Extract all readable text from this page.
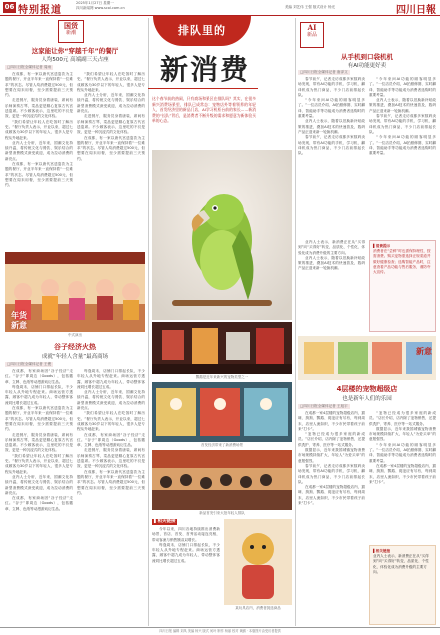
06 特别报道
2025年1月27日 星期一
四川新闻网 www.scol.com.cn	美编 刘艺伟 王强 版式设计 杨光	四川日報
国货
新潮
这家能让你“穿越千年”的餐厅
人均500元 高端副三天占座
□四川日报全媒体记者 周雨

在成都，有一家以唐代宫廷宴饮为主题的餐厅，开业半年来一直保持着“一位难求”的状态。尽管人均消费超过500元，但想要在周末用餐，至少需要提前三天预约。

走进餐厅，服务员身着唐装，席间有乐师演奏古琴，菜品更是精心复原古代宫廷宴席。不少顾客表示，这里吃的不仅是饭，更是一种沉浸式的文化体验。

“我们希望让年轻人在吃饭时了解历史。”餐厅负责人表示，开业以来，超过七成顾客为30岁以下的年轻人，很多人是专程从外地赶来。

业内人士分析，近年来，国潮文化持续升温，将传统文化与餐饮、娱乐结合的新型消费模式深受欢迎，成为拉动消费的新亮点。

在成都，有一家以唐代宫廷宴饮为主题的餐厅，开业半年来一直保持着“一位难求”的状态。尽管人均消费超过500元，但想要在周末用餐，至少需要提前三天预约。

“我们希望让年轻人在吃饭时了解历史。”餐厅负责人表示，开业以来，超过七成顾客为30岁以下的年轻人，很多人是专程从外地赶来。

业内人士分析，近年来，国潮文化持续升温，将传统文化与餐饮、娱乐结合的新型消费模式深受欢迎，成为拉动消费的新亮点。

走进餐厅，服务员身着唐装，席间有乐师演奏古琴，菜品更是精心复原古代宫廷宴席。不少顾客表示，这里吃的不仅是饭，更是一种沉浸式的文化体验。

在成都，有一家以唐代宫廷宴饮为主题的餐厅，开业半年来一直保持着“一位难求”的状态。尽管人均消费超过500元，但想要在周末用餐，至少需要提前三天预约。

年货
新意
中式演出
谷子经济火热
成就“年轻人含量”最高商场
□四川日报全媒体记者 王俊

在成都，有家商场因“谷子经济”走红。“谷子”即周边（Goods），包括徽章、立牌、色纸等动漫游戏衍生品。

每逢周末，店铺门口排起长队，不少年轻人从外地专程赶来。商场运营方透露，顾客中超九成为年轻人，带动整体客流同比增长超过五成。

在成都，有一家以唐代宫廷宴饮为主题的餐厅，开业半年来一直保持着“一位难求”的状态。尽管人均消费超过500元，但想要在周末用餐，至少需要提前三天预约。

走进餐厅，服务员身着唐装，席间有乐师演奏古琴，菜品更是精心复原古代宫廷宴席。不少顾客表示，这里吃的不仅是饭，更是一种沉浸式的文化体验。

“我们希望让年轻人在吃饭时了解历史。”餐厅负责人表示，开业以来，超过七成顾客为30岁以下的年轻人，很多人是专程从外地赶来。

业内人士分析，近年来，国潮文化持续升温，将传统文化与餐饮、娱乐结合的新型消费模式深受欢迎，成为拉动消费的新亮点。

在成都，有家商场因“谷子经济”走红。“谷子”即周边（Goods），包括徽章、立牌、色纸等动漫游戏衍生品。

每逢周末，店铺门口排起长队，不少年轻人从外地专程赶来。商场运营方透露，顾客中超九成为年轻人，带动整体客流同比增长超过五成。

业内人士分析，近年来，国潮文化持续升温，将传统文化与餐饮、娱乐结合的新型消费模式深受欢迎，成为拉动消费的新亮点。

“我们希望让年轻人在吃饭时了解历史。”餐厅负责人表示，开业以来，超过七成顾客为30岁以下的年轻人，很多人是专程从外地赶来。

在成都，有家商场因“谷子经济”走红。“谷子”即周边（Goods），包括徽章、立牌、色纸等动漫游戏衍生品。

走进餐厅，服务员身着唐装，席间有乐师演奏古琴，菜品更是精心复原古代宫廷宴席。不少顾客表示，这里吃的不仅是饭，更是一种沉浸式的文化体验。

在成都，有一家以唐代宫廷宴饮为主题的餐厅，开业半年来一直保持着“一位难求”的状态。尽管人均消费超过500元，但想要在周末用餐，至少需要提前三天预约。

排队里的
新消费
这个春节前的热闹，只有商场和景区在排队吗？其实，在很多新兴消费场景里，排队已成常态：宠物店外等着领养的年轻人，首发经济里的新品门店，AI学习机柜台前的家长……新消费的“长队”背后，是消费者不断升级的需求和愿意为新体验买单的心态。
AI
新品
鹦鹉是近年来新兴的宠物类型之一
首发经济带来了新消费场景
新品首发引来大批年轻人排队
▌相关链接

今年以来，四川各地持续推出消费新场景，首店、首发、首秀活动接连亮相，带动客流与销售额双双增长。

每逢周末，店铺门口排起长队，不少年轻人从外地专程赶来。商场运营方透露，顾客中超九成为年轻人，带动整体客流同比增长超过五成。

某玩具店内，消费者挑选商品
从手机到口袋机机
有AI功能更好卖
□四川日报全媒体记者 唐泽文

春节前夕，记者走访成都多家数码卖场发现，带有AI功能的手机、学习机、翻译机成为热门商品，不少门店前排起长队。

“今年来问AI功能的顾客明显多了。”一位店员介绍，AI拍照修图、实时翻译、智能助手等功能成为消费者选购时的重要考量。

业内人士表示，随着以旧换新补贴政策的推进，叠加AI技术的快速普及，数码产品正迎来新一轮换机潮。

春节前夕，记者走访成都多家数码卖场发现，带有AI功能的手机、学习机、翻译机成为热门商品，不少门店前排起长队。

“今年来问AI功能的顾客明显多了。”一位店员介绍，AI拍照修图、实时翻译、智能助手等功能成为消费者选购时的重要考量。

业内人士表示，随着以旧换新补贴政策的推进，叠加AI技术的快速普及，数码产品正迎来新一轮换机潮。

春节前夕，记者走访成都多家数码卖场发现，带有AI功能的手机、学习机、翻译机成为热门商品，不少门店前排起长队。

“今年来问AI功能的顾客明显多了。”一位店员介绍，AI拍照修图、实时翻译、智能助手等功能成为消费者选购时的重要考量。

▌消费提示
消费者在“尝鲜”时也需保持理性，按需消费。购买宠物需选择正规渠道并做好健康检查；选购智能产品时，注意查看产品功能与售后服务，谨防夸大宣传。

业内人士表示，新消费正在从“买得到”向“买得好”转变，品质化、个性化、体验化成为消费升级的主要方向。

业内人士表示，随着以旧换新补贴政策的推进，叠加AI技术的快速普及，数码产品正迎来新一轮换机潮。

新意
4层楼的宠物超级店
也是新年人们的乐园
□四川日报全媒体记者 王旭宇

在成都一家4层楼的宠物超级店内，猫咪、狗狗、鹦鹉、爬宠应有尽有，每到周末，店里人流如织，不少市民带着孩子前来“打卡”。

“宠物已经成为很多家庭的新成员。”店长介绍，店内除了宠物销售，还提供洗护、寄养、医疗等一站式服务。

数据显示，近年来我国城镇宠物消费市场规模持续扩大，年轻人“为爱买单”的意愿强烈。

春节前夕，记者走访成都多家数码卖场发现，带有AI功能的手机、学习机、翻译机成为热门商品，不少门店前排起长队。

在成都一家4层楼的宠物超级店内，猫咪、狗狗、鹦鹉、爬宠应有尽有，每到周末，店里人流如织，不少市民带着孩子前来“打卡”。

“宠物已经成为很多家庭的新成员。”店长介绍，店内除了宠物销售，还提供洗护、寄养、医疗等一站式服务。

数据显示，近年来我国城镇宠物消费市场规模持续扩大，年轻人“为爱买单”的意愿强烈。

“今年来问AI功能的顾客明显多了。”一位店员介绍，AI拍照修图、实时翻译、智能助手等功能成为消费者选购时的重要考量。

在成都一家4层楼的宠物超级店内，猫咪、狗狗、鹦鹉、爬宠应有尽有，每到周末，店里人流如织，不少市民带着孩子前来“打卡”。

▌相关链接
业内人士表示，新消费正在从“买得到”向“买得好”转变，品质化、个性化、体验化成为消费升级的主要方向。
四川日报 编辑 刘凤 美编 杨兴 版式 何叶 制作 杨丽 校对 黄鹂 · 本版图片由受访者提供
